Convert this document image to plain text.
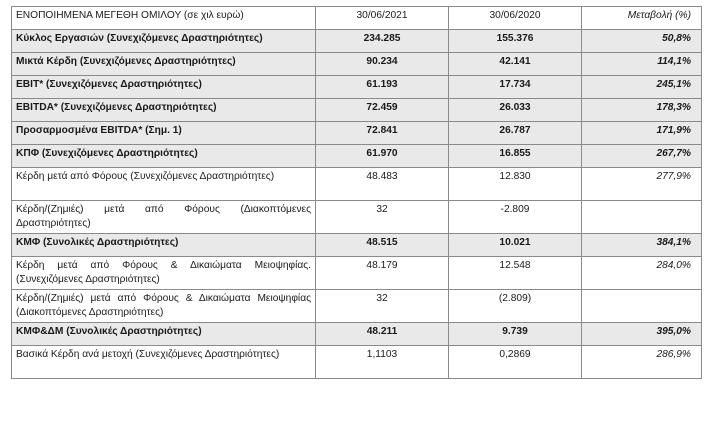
ΕΝΟΠΟΙΗΜΕΝΑ ΜΕΓΕΘΗ ΟΜΙΛΟΥ (σε χιλ ευρώ)	30/06/2021	30/06/2020	Μεταβολή (%)
Κύκλος Εργασιών (Συνεχιζόμενες Δραστηριότητες)	234.285	155.376	50,8%
Μικτά Κέρδη (Συνεχιζόμενες Δραστηριότητες)	90.234	42.141	114,1%
EBIT* (Συνεχιζόμενες Δραστηριότητες)	61.193	17.734	245,1%
EBITDA* (Συνεχιζόμενες Δραστηριότητες)	72.459	26.033	178,3%
Προσαρμοσμένα EBITDA* (Σημ. 1)	72.841	26.787	171,9%
ΚΠΦ (Συνεχιζόμενες Δραστηριότητες)	61.970	16.855	267,7%
Κέρδη μετά από Φόρους (Συνεχιζόμενες Δραστηριότητες)	48.483	12.830	277,9%
Κέρδη/(Ζημιές) μετά από Φόρους (Διακοπτόμενες Δραστηριότητες)	32	-2.809	
ΚΜΦ (Συνολικές Δραστηριότητες)	48.515	10.021	384,1%
Κέρδη μετά από Φόρους & Δικαιώματα Μειοψηφίας. (Συνεχιζόμενες Δραστηριότητες)	48.179	12.548	284,0%
Κέρδη/(Ζημιές) μετά από Φόρους & Δικαιώματα Μειοψηφίας (Διακοπτόμενες Δραστηριότητες)	32	(2.809)	
ΚΜΦ&ΔΜ (Συνολικές Δραστηριότητες)	48.211	9.739	395,0%
Βασικά Κέρδη ανά μετοχή (Συνεχιζόμενες Δραστηριότητες)	1,1103	0,2869	286,9%
